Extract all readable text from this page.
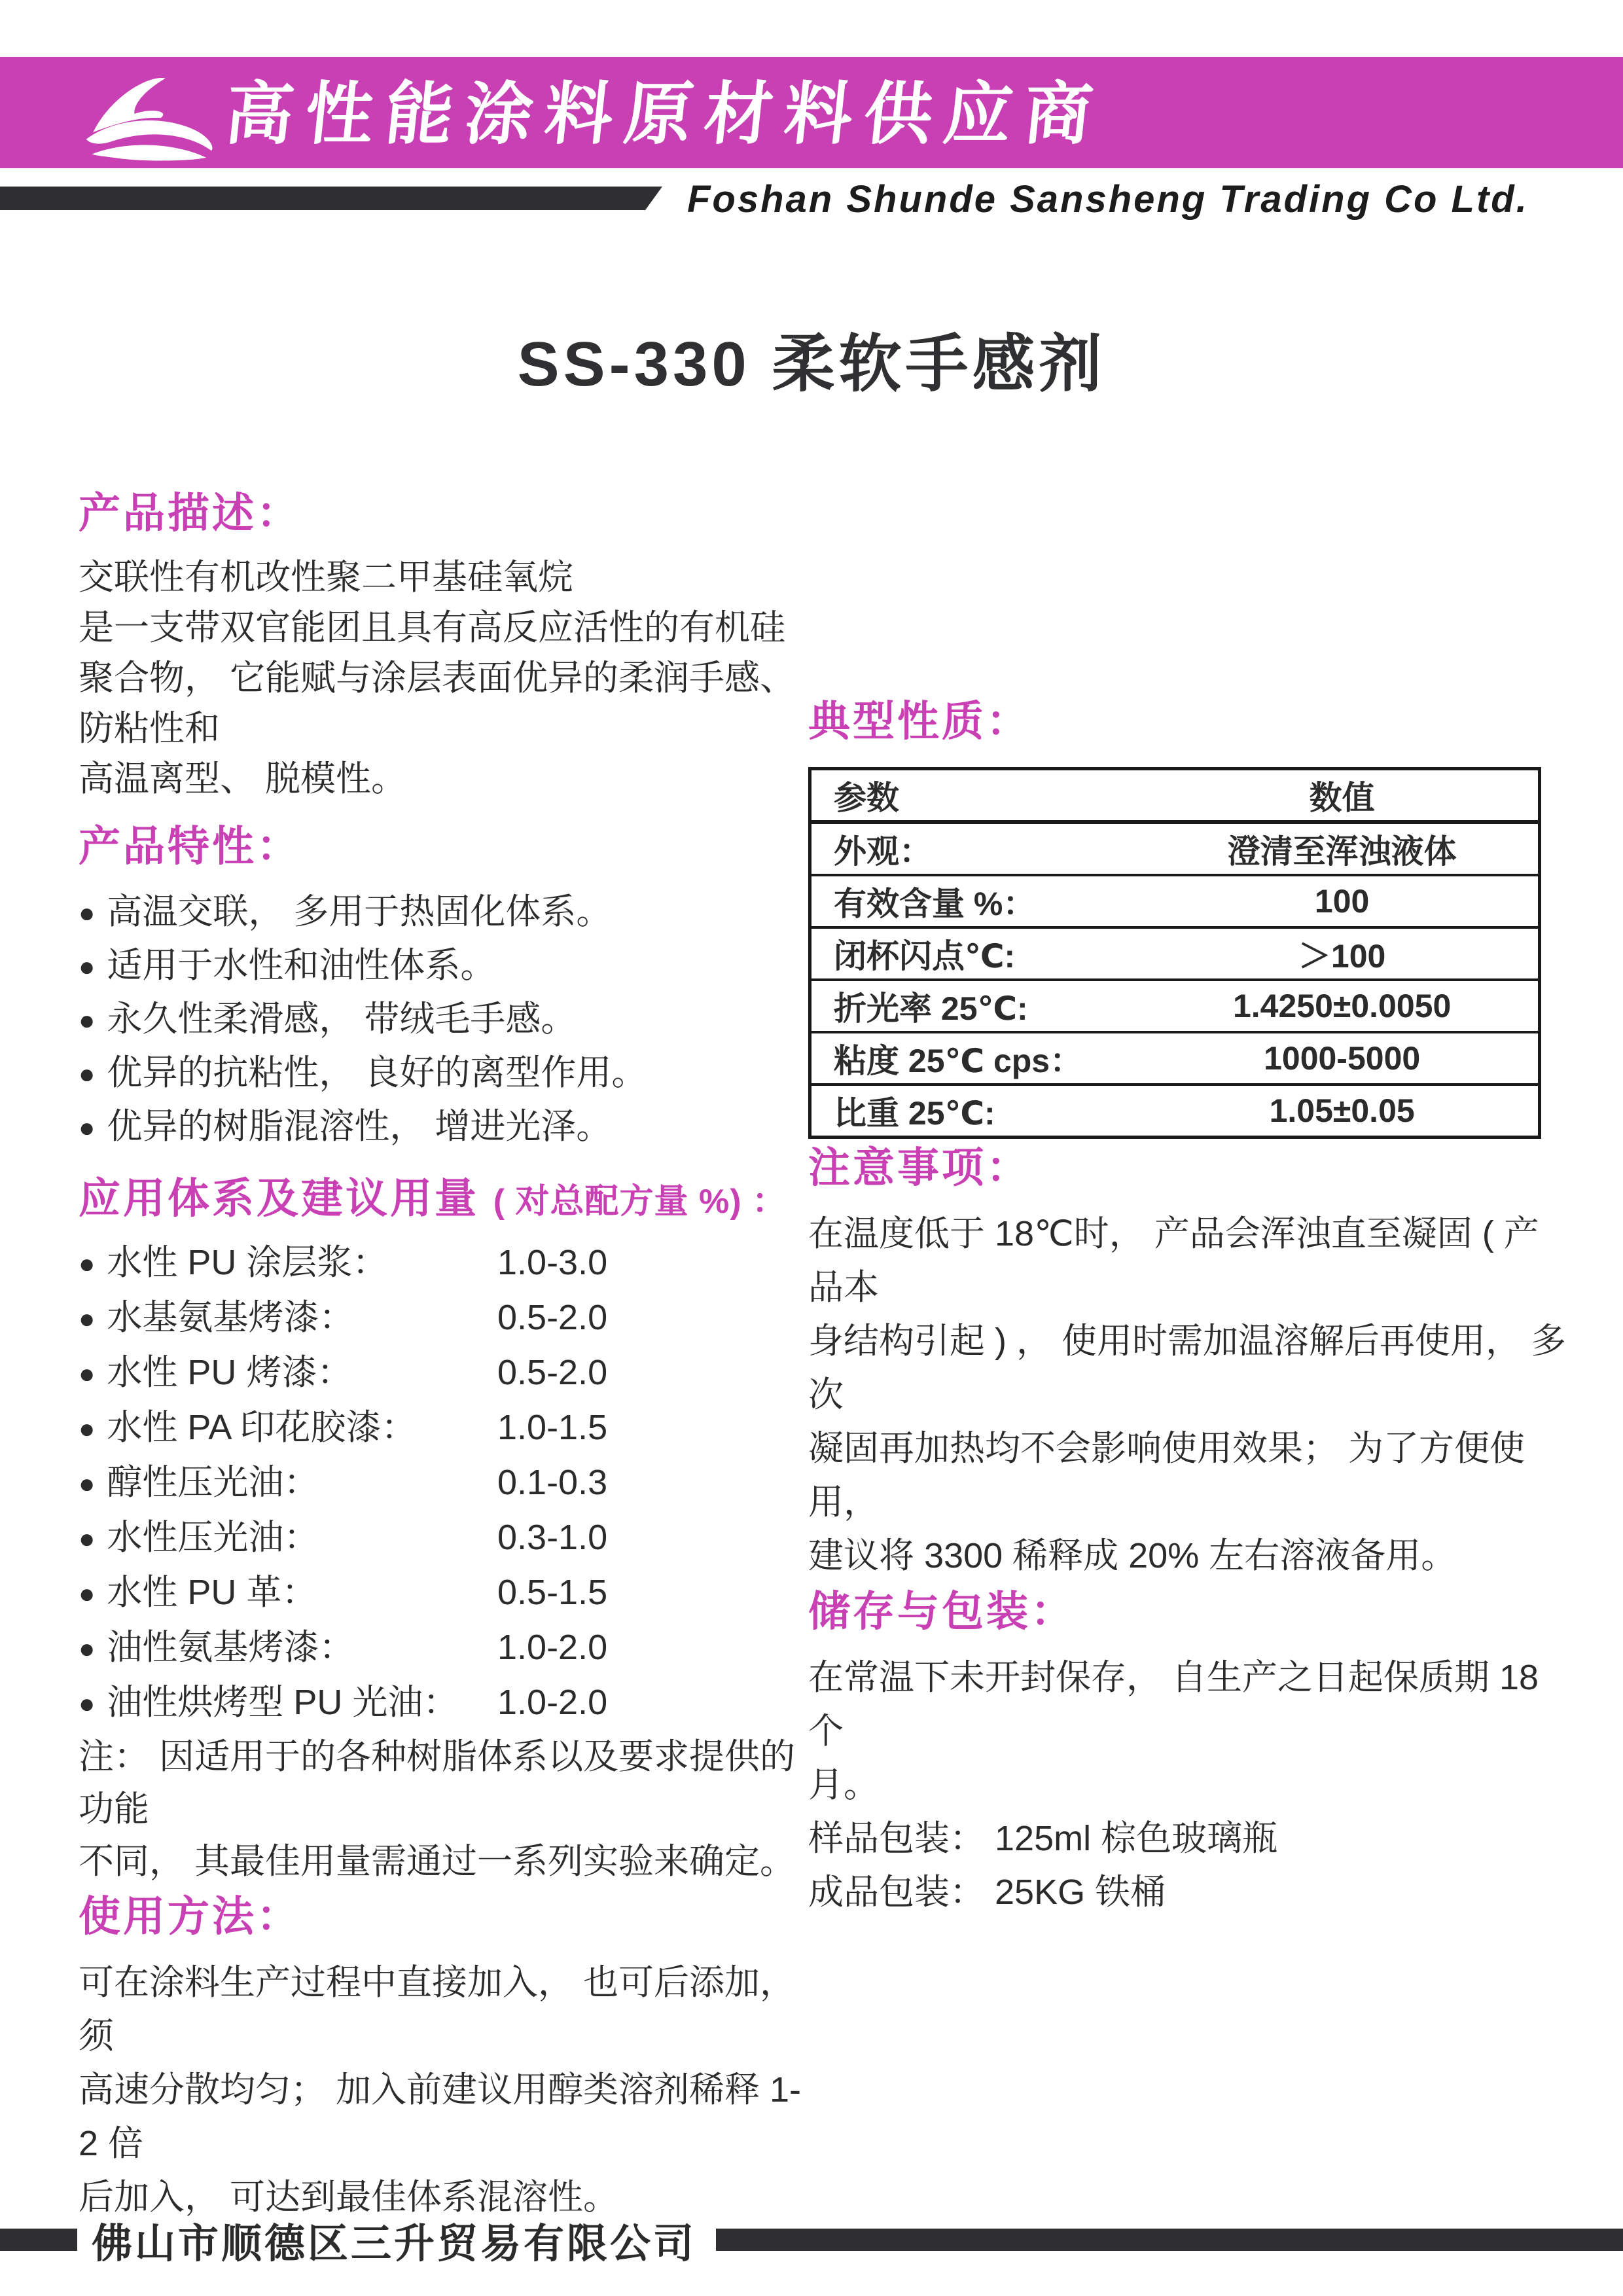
高性能涂料原材料供应商
Foshan Shunde Sansheng Trading Co Ltd.
SS-330 柔软手感剂
产品描述：
交联性有机改性聚二甲基硅氧烷
是一支带双官能团且具有高反应活性的有机硅聚合物， 它能赋与涂层表面优异的柔润手感、 防粘性和
高温离型、 脱模性。
产品特性：
● 高温交联， 多用于热固化体系。
● 适用于水性和油性体系。
● 永久性柔滑感， 带绒毛手感。
● 优异的抗粘性， 良好的离型作用。
● 优异的树脂混溶性， 增进光泽。
应用体系及建议用量 ( 对总配方量 %) ：
● 水性 PU 涂层浆：	1.0-3.0
● 水基氨基烤漆：	0.5-2.0
● 水性 PU 烤漆：	0.5-2.0
● 水性 PA 印花胶漆：	1.0-1.5
● 醇性压光油：	0.1-0.3
● 水性压光油：	0.3-1.0
● 水性 PU 革：	0.5-1.5
● 油性氨基烤漆：	1.0-2.0
● 油性烘烤型 PU 光油：	1.0-2.0
注： 因适用于的各种树脂体系以及要求提供的功能
不同， 其最佳用量需通过一系列实验来确定。
使用方法：
可在涂料生产过程中直接加入， 也可后添加， 须
高速分散均匀； 加入前建议用醇类溶剂稀释 1-2 倍
后加入， 可达到最佳体系混溶性。
典型性质：
参数	数值
外观：	澄清至浑浊液体
有效含量 %：	100
闭杯闪点℃:	＞100
折光率 25℃:	1.4250±0.0050
粘度 25℃ cps：	1000-5000
比重 25℃:	1.05±0.05
注意事项：
在温度低于 18℃时， 产品会浑浊直至凝固 ( 产品本
身结构引起 ) ， 使用时需加温溶解后再使用， 多次
凝固再加热均不会影响使用效果； 为了方便使用，
建议将 3300 稀释成 20% 左右溶液备用。
储存与包装：
在常温下未开封保存， 自生产之日起保质期 18 个
月。
样品包装： 125ml 棕色玻璃瓶
成品包装： 25KG 铁桶
佛山市顺德区三升贸易有限公司
